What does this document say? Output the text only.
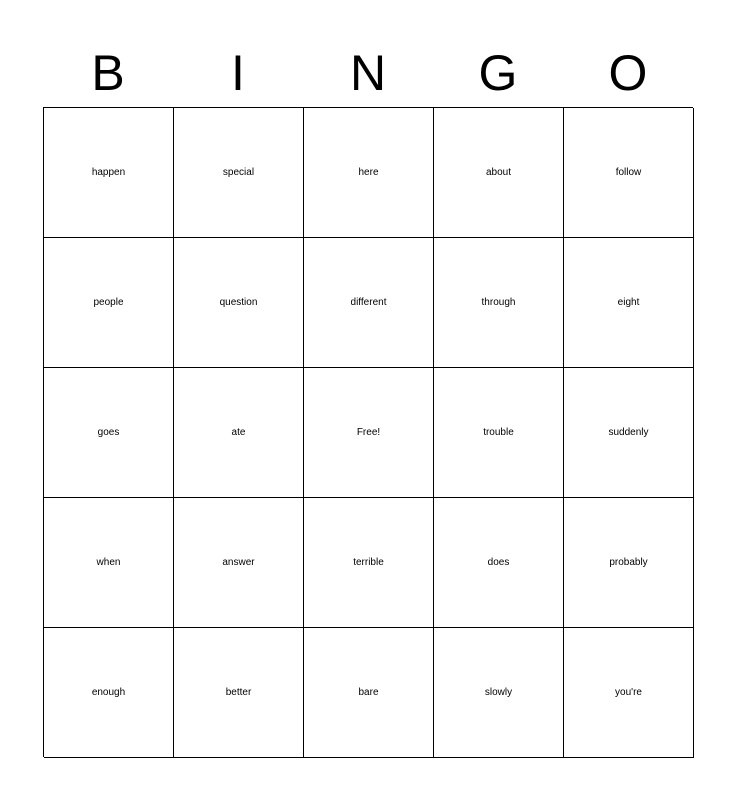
B	I	N	G	O
happen	special	here	about	follow
people	question	different	through	eight
goes	ate	Free!	trouble	suddenly
when	answer	terrible	does	probably
enough	better	bare	slowly	you're
